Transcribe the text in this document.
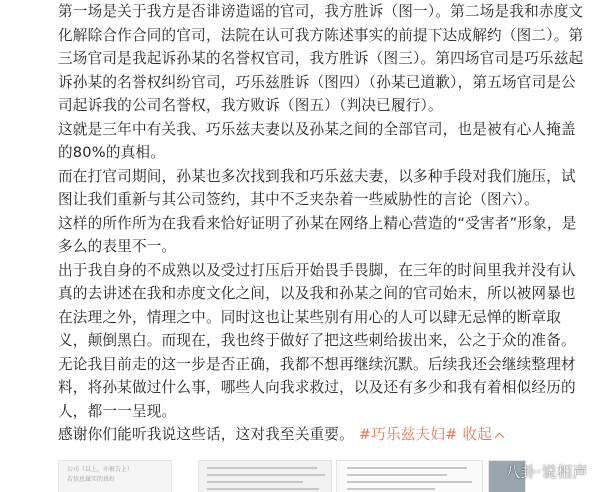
第一场是关于我方是否诽谤造谣的官司，我方胜诉（图一）。第二场是我和赤度文化解除合作合同的官司，法院在认可我方陈述事实的前提下达成解约（图二）。第三场官司是我起诉孙某的名誉权官司，我方胜诉（图三）。第四场官司是巧乐兹起诉孙某的名誉权纠纷官司，巧乐兹胜诉（图四）（孙某已道歉），第五场官司是公司起诉我的公司名誉权，我方败诉（图五）（判决已履行）。

这就是三年中有关我、巧乐兹夫妻以及孙某之间的全部官司，也是被有心人掩盖的80%的真相。

而在打官司期间，孙某也多次找到我和巧乐兹夫妻，以多种手段对我们施压，试图让我们重新与其公司签约，其中不乏夹杂着一些威胁性的言论（图六）。

这样的所作所为在我看来恰好证明了孙某在网络上精心营造的“受害者”形象，是多么的表里不一。

出于我自身的不成熟以及受过打压后开始畏手畏脚，在三年的时间里我并没有认真的去讲述在我和赤度文化之间，以及我和孙某之间的官司始末，所以被网暴也在法理之外，情理之中。同时这也让某些别有用心的人可以肆无忌惮的断章取义，颠倒黑白。而现在，我也终于做好了把这些刺给拔出来，公之于众的准备。

无论我目前走的这一步是否正确，我都不想再继续沉默。后续我还会继续整理材料，将孙某做过什么事，哪些人向我求救过，以及还有多少和我有着相似经历的人，都一一呈现。

感谢你们能听我说这些话，这对我至关重要。 #巧乐兹夫妇# 收起

公司（以上，亦被告上）
若信息属实的真好	八卦·说相声
